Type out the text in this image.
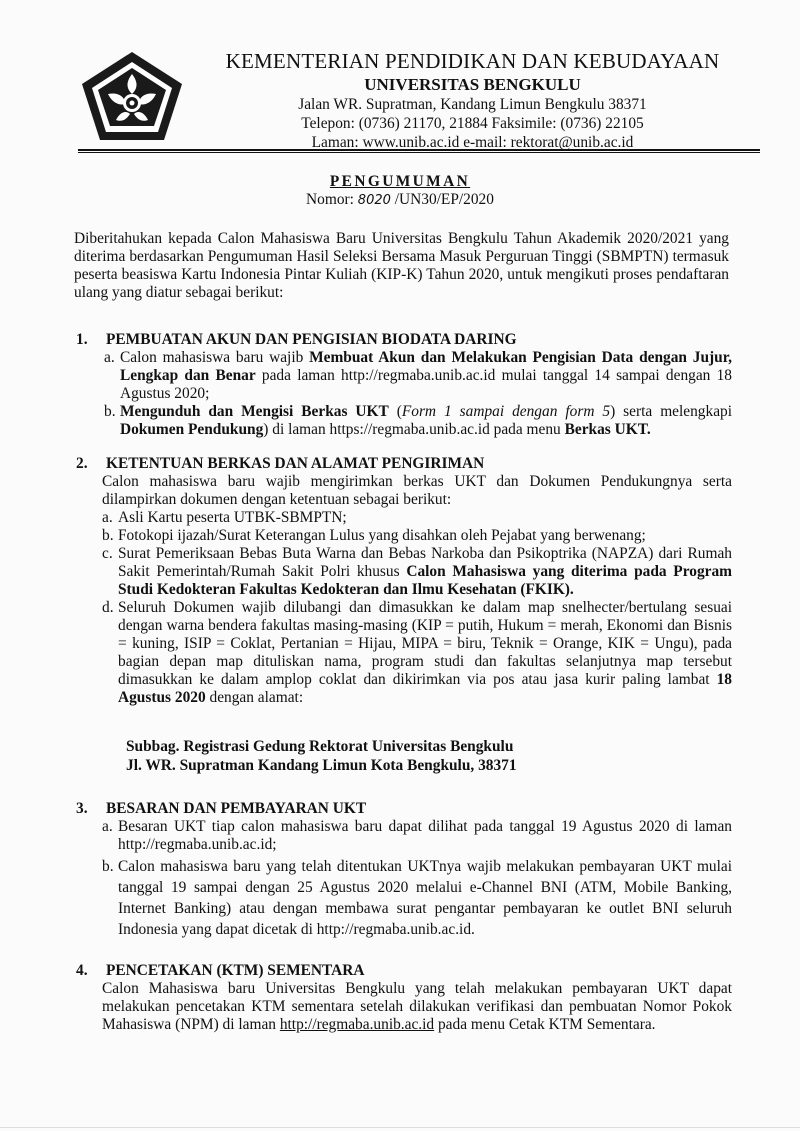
KEMENTERIAN PENDIDIKAN DAN KEBUDAYAAN
UNIVERSITAS BENGKULU
Jalan WR. Supratman, Kandang Limun Bengkulu 38371
Telepon: (0736) 21170, 21884 Faksimile: (0736) 22105
Laman: www.unib.ac.id e-mail: rektorat@unib.ac.id
PENGUMUMAN
Nomor: 8020 /UN30/EP/2020
Diberitahukan kepada Calon Mahasiswa Baru Universitas Bengkulu Tahun Akademik 2020/2021 yang diterima berdasarkan Pengumuman Hasil Seleksi Bersama Masuk Perguruan Tinggi (SBMPTN) termasuk peserta beasiswa Kartu Indonesia Pintar Kuliah (KIP-K) Tahun 2020, untuk mengikuti proses pendaftaran ulang yang diatur sebagai berikut:
1.	PEMBUATAN AKUN DAN PENGISIAN BIODATA DARING
a. Calon mahasiswa baru wajib Membuat Akun dan Melakukan Pengisian Data dengan Jujur, Lengkap dan Benar pada laman http://regmaba.unib.ac.id mulai tanggal 14 sampai dengan 18 Agustus 2020;
b. Mengunduh dan Mengisi Berkas UKT (Form 1 sampai dengan form 5) serta melengkapi Dokumen Pendukung) di laman https://regmaba.unib.ac.id pada menu Berkas UKT.
2.	KETENTUAN BERKAS DAN ALAMAT PENGIRIMAN
Calon mahasiswa baru wajib mengirimkan berkas UKT dan Dokumen Pendukungnya serta dilampirkan dokumen dengan ketentuan sebagai berikut:
a. Asli Kartu peserta UTBK-SBMPTN;
b. Fotokopi ijazah/Surat Keterangan Lulus yang disahkan oleh Pejabat yang berwenang;
c. Surat Pemeriksaan Bebas Buta Warna dan Bebas Narkoba dan Psikoptrika (NAPZA) dari Rumah Sakit Pemerintah/Rumah Sakit Polri khusus Calon Mahasiswa yang diterima pada Program Studi Kedokteran Fakultas Kedokteran dan Ilmu Kesehatan (FKIK).
d. Seluruh Dokumen wajib dilubangi dan dimasukkan ke dalam map snelhecter/bertulang sesuai dengan warna bendera fakultas masing-masing (KIP = putih, Hukum = merah, Ekonomi dan Bisnis = kuning, ISIP = Coklat, Pertanian = Hijau, MIPA = biru, Teknik = Orange, KIK = Ungu), pada bagian depan map dituliskan nama, program studi dan fakultas selanjutnya map tersebut dimasukkan ke dalam amplop coklat dan dikirimkan via pos atau jasa kurir paling lambat 18 Agustus 2020 dengan alamat:
Subbag. Registrasi Gedung Rektorat Universitas Bengkulu
Jl. WR. Supratman Kandang Limun Kota Bengkulu, 38371
3.	BESARAN DAN PEMBAYARAN UKT
a. Besaran UKT tiap calon mahasiswa baru dapat dilihat pada tanggal 19 Agustus 2020 di laman http://regmaba.unib.ac.id;
b. Calon mahasiswa baru yang telah ditentukan UKTnya wajib melakukan pembayaran UKT mulai tanggal 19 sampai dengan 25 Agustus 2020 melalui e-Channel BNI (ATM, Mobile Banking, Internet Banking) atau dengan membawa surat pengantar pembayaran ke outlet BNI seluruh Indonesia yang dapat dicetak di http://regmaba.unib.ac.id.
4.	PENCETAKAN (KTM) SEMENTARA
Calon Mahasiswa baru Universitas Bengkulu yang telah melakukan pembayaran UKT dapat melakukan pencetakan KTM sementara setelah dilakukan verifikasi dan pembuatan Nomor Pokok Mahasiswa (NPM) di laman http://regmaba.unib.ac.id pada menu Cetak KTM Sementara.
